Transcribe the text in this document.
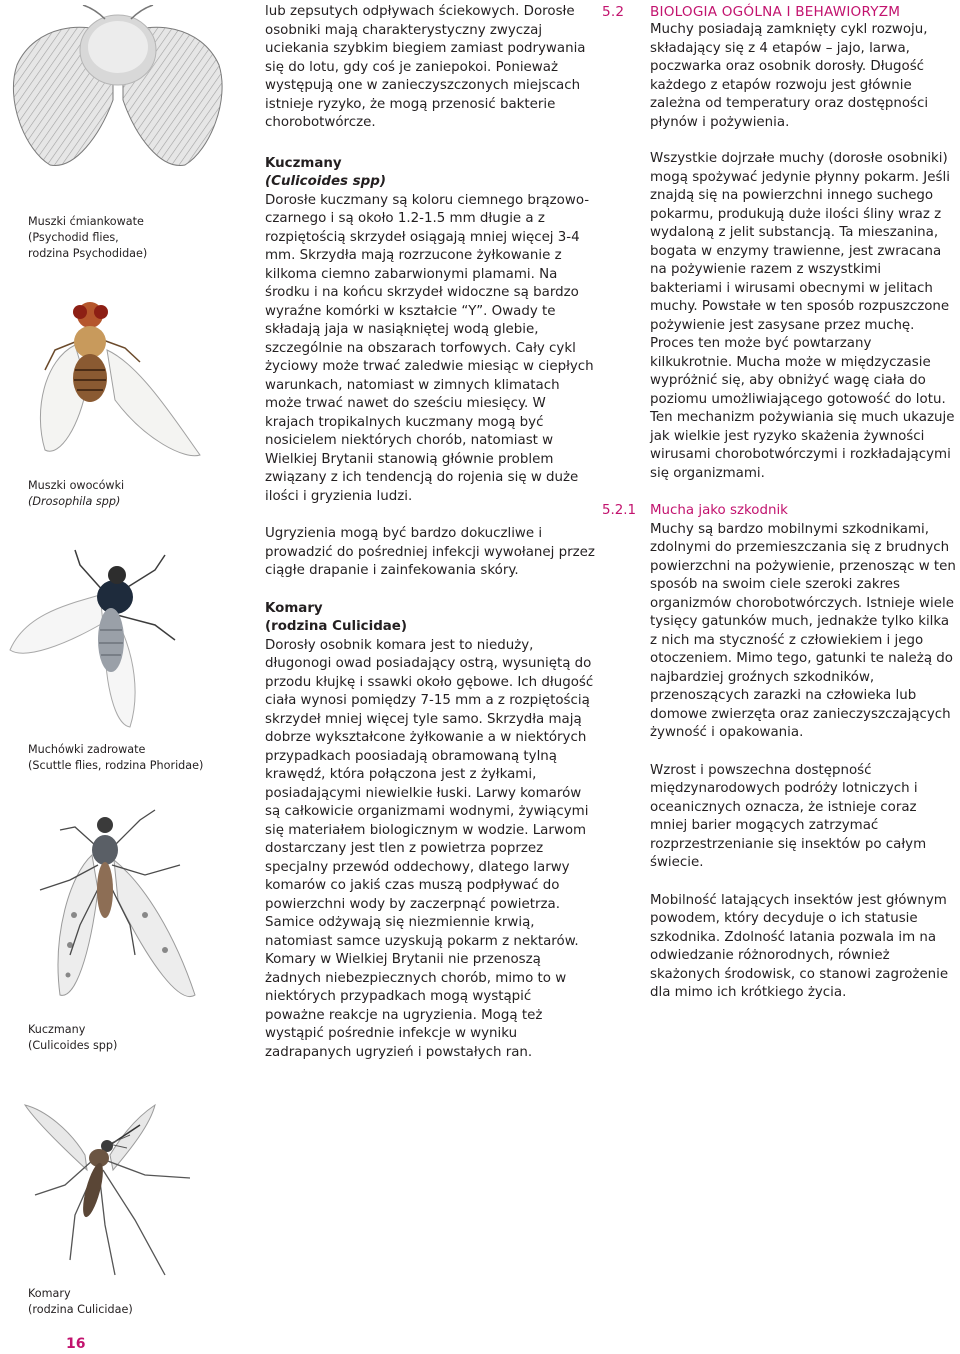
Muszki ćmiankowate
(Psychodid flies,
rodzina Psychodidae)
Muszki owocówki
(Drosophila spp)
Muchówki zadrowate
(Scuttle flies, rodzina Phoridae)
Kuczmany
(Culicoides spp)
Komary
(rodzina Culicidae)
16

lub zepsutych odpływach ściekowych. Dorosłe osobniki mają charakterystyczny zwyczaj uciekania szybkim biegiem zamiast podrywania się do lotu, gdy coś je zaniepokoi. Ponieważ występują one w zanieczyszczonych miejscach istnieje ryzyko, że mogą przenosić bakterie chorobotwórcze.

Kuczmany

(Culicoides spp)

Dorosłe kuczmany są koloru ciemnego brązowo-czarnego i są około 1.2-1.5 mm długie a z rozpiętością skrzydeł osiągają mniej więcej 3-4 mm. Skrzydła mają rozrzucone żyłkowanie z kilkoma ciemno zabarwionymi plamami. Na środku i na końcu skrzydeł widoczne są bardzo wyraźne komórki w kształcie “Y”. Owady te składają jaja w nasiąkniętej wodą glebie, szczególnie na obszarach torfowych. Cały cykl życiowy może trwać zaledwie miesiąc w ciepłych warunkach, natomiast w zimnych klimatach może trwać nawet do sześciu miesięcy. W krajach tropikalnych kuczmany mogą być nosicielem niektórych chorób, natomiast w Wielkiej Brytanii stanowią głównie problem związany z ich tendencją do rojenia się w duże ilości i gryzienia ludzi.

Ugryzienia mogą być bardzo dokuczliwe i prowadzić do pośredniej infekcji wywołanej przez ciągłe drapanie i zainfekowania skóry.

Komary

(rodzina Culicidae)

Dorosły osobnik komara jest to niedużу, długonogi owad posiadający ostrą, wysuniętą do przodu kłujkę i ssawki około gębowe. Ich długość ciała wynosi pomiędzy 7-15 mm a z rozpiętością skrzydeł mniej więcej tyle samo. Skrzydła mają dobrze wykształcone żyłkowanie a w niektórych przypadkach poosiadają obramowaną tylną krawędź, która połączona jest z żyłkami, posiadającymi niewielkie łuski. Larwy komarów są całkowicie organizmami wodnymi, żywiącymi się materiałem biologicznym w wodzie. Larwom dostarczany jest tlen z powietrza poprzez specjalny przewód oddechowy, dlatego larwy komarów co jakiś czas muszą podpływać do powierzchni wody by zaczerpnąć powietrza. Samice odżywają się niezmiennie krwią, natomiast samce uzyskują pokarm z nektarów. Komary w Wielkiej Brytanii nie przenoszą żadnych niebezpiecznych chorób, mimo to w niektórych przypadkach mogą wystąpić poważne reakcje na ugryzienia. Mogą też wystąpić pośrednie infekcje w wyniku zadrapanych ugryzień i powstałych ran.

5.2 BIOLOGIA OGÓLNA I BEHAWIORYZM

Muchy posiadają zamknięty cykl rozwoju, składający się z 4 etapów – jajo, larwa, poczwarka oraz osobnik dorosły. Długość każdego z etapów rozwoju jest głównie zależna od temperatury oraz dostępności płynów i pożywienia.

Wszystkie dojrzałe muchy (dorosłe osobniki) mogą spożywać jedynie płynny pokarm. Jeśli znajdą się na powierzchni innego suchego pokarmu, produkują duże ilości śliny wraz z wydaloną z jelit substancją. Ta mieszanina, bogata w enzymy trawienne, jest zwracana na pożywienie razem z wszystkimi bakteriami i wirusami obecnymi w jelitach muchy. Powstałe w ten sposób rozpuszczone pożywienie jest zasysane przez muchę. Proces ten może być powtarzany kilkukrotnie. Mucha może w międzyczasie wypróżnić się, aby obniżyć wagę ciała do poziomu umożliwiającego gotowość do lotu. Ten mechanizm pożywiania się much ukazuje jak wielkie jest ryzyko skażenia żywności wirusami chorobotwórczymi i rozkładającymi się organizmami.

5.2.1 Mucha jako szkodnik

Muchy są bardzo mobilnymi szkodnikami, zdolnymi do przemieszczania się z brudnych powierzchni na pożywienie, przenosząc w ten sposób na swoim ciele szeroki zakres organizmów chorobotwórczych. Istnieje wiele tysięcy gatunków much, jednakże tylko kilka z nich ma styczność z człowiekiem i jego otoczeniem. Mimo tego, gatunki te należą do najbardziej groźnych szkodników, przenoszących zarazki na człowieka lub domowe zwierzęta oraz zanieczyszczających żywność i opakowania.

Wzrost i powszechna dostępność międzynarodowych podróży lotniczych i oceanicznych oznacza, że istnieje coraz mniej barier mogących zatrzymać rozprzestrzenianie się insektów po całym świecie.

Mobilność latających insektów jest głównym powodem, który decyduje o ich statusie szkodnika. Zdolność latania pozwala im na odwiedzanie różnorodnych, również skażonych środowisk, co stanowi zagrożenie dla mimo ich krótkiego życia.
